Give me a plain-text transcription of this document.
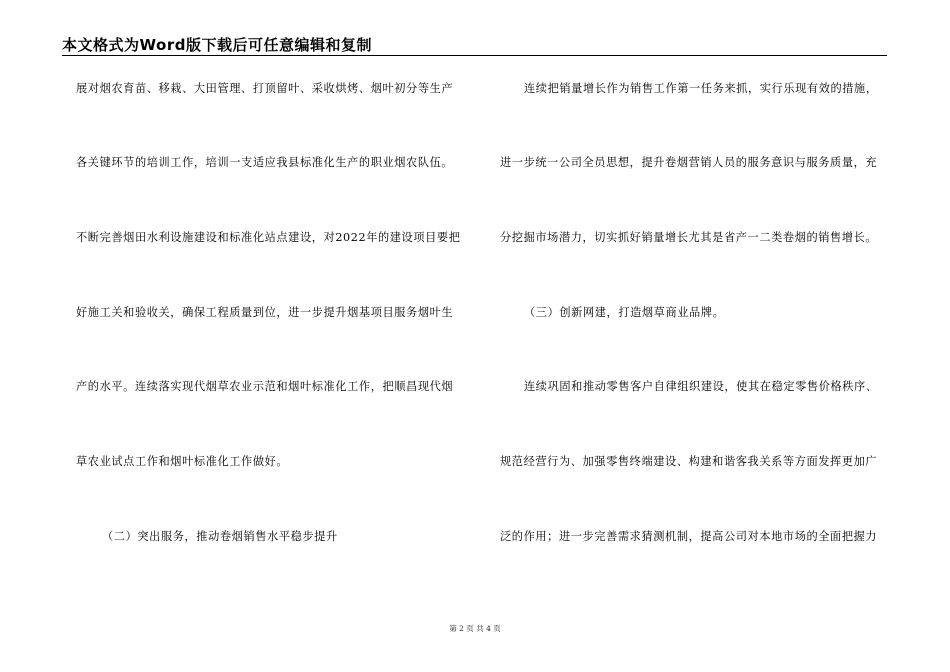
本文格式为Word版下载后可任意编辑和复制
展对烟农育苗、移栽、大田管理、打顶留叶、采收烘烤、烟叶初分等生产
各关键环节的培训工作，培训一支适应我县标准化生产的职业烟农队伍。
不断完善烟田水利设施建设和标准化站点建设，对2022年的建设项目要把
好施工关和验收关，确保工程质量到位，进一步提升烟基项目服务烟叶生
产的水平。连续落实现代烟草农业示范和烟叶标准化工作，把顺昌现代烟
草农业试点工作和烟叶标准化工作做好。
（二）突出服务，推动卷烟销售水平稳步提升
连续把销量增长作为销售工作第一任务来抓，实行乐现有效的措施，
进一步统一公司全员思想，提升卷烟营销人员的服务意识与服务质量，充
分挖掘市场潜力，切实抓好销量增长尤其是省产一二类卷烟的销售增长。
（三）创新网建，打造烟草商业品牌。
连续巩固和推动零售客户自律组织建设，使其在稳定零售价格秩序、
规范经营行为、加强零售终端建设、构建和谐客我关系等方面发挥更加广
泛的作用；进一步完善需求猜测机制，提高公司对本地市场的全面把握力
第 2 页 共 4 页
